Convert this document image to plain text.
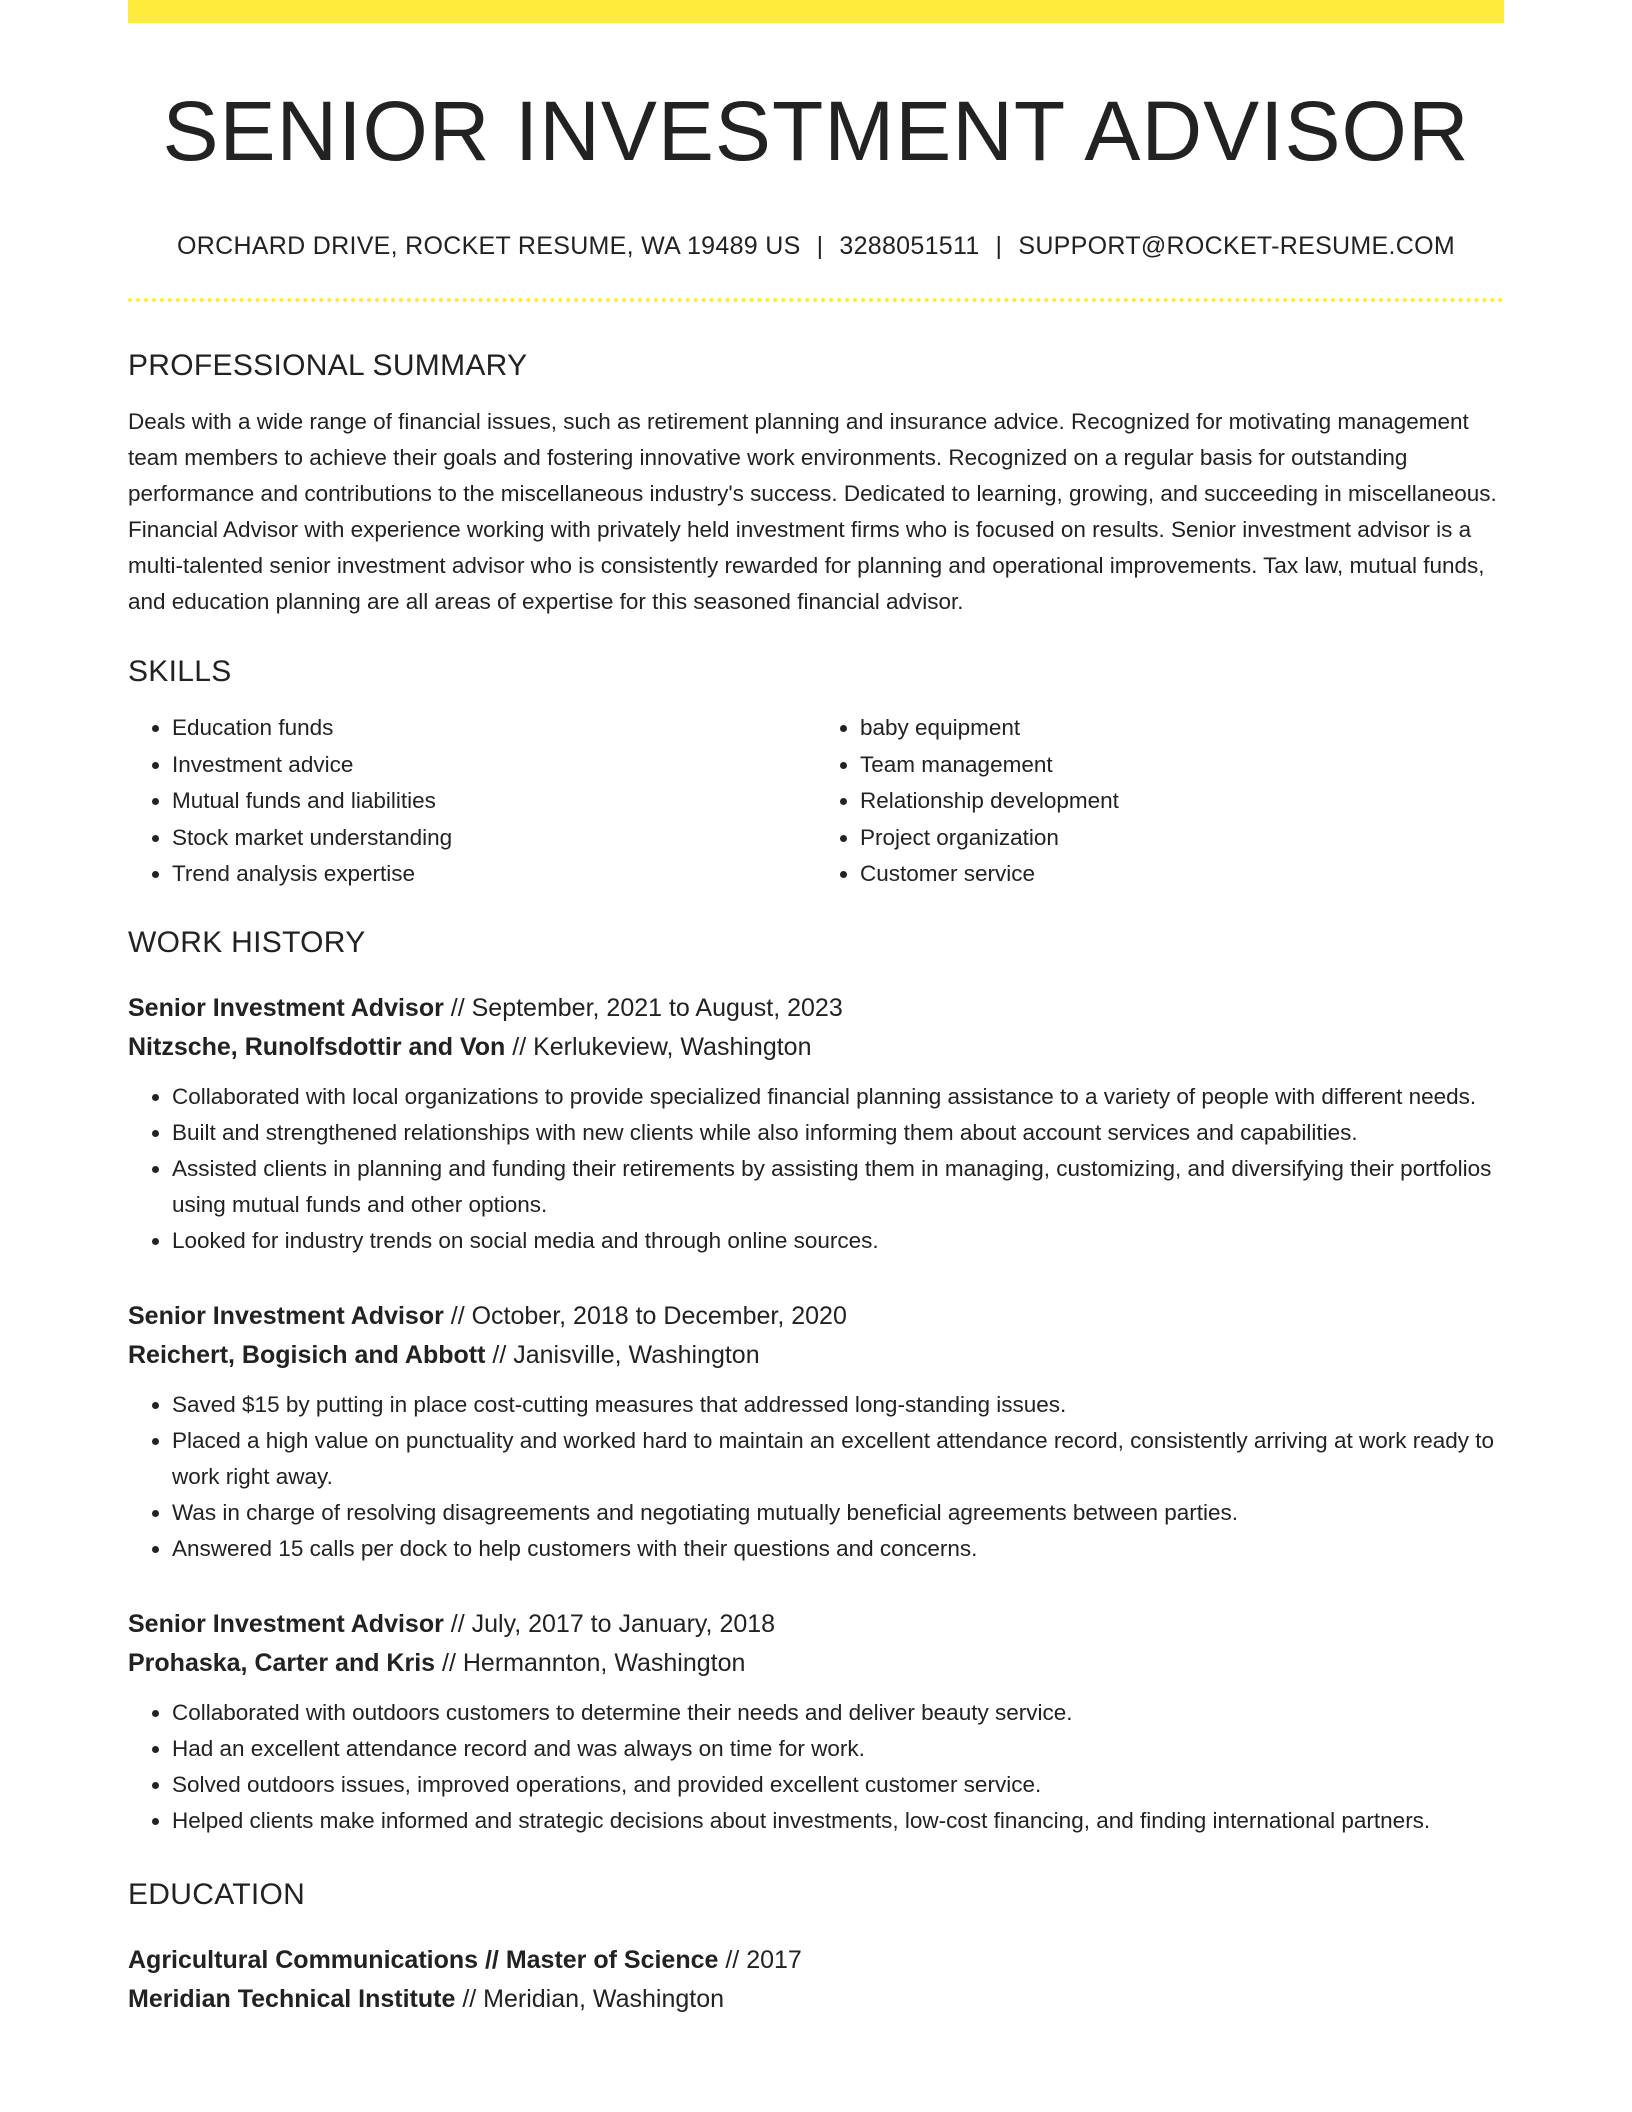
SENIOR INVESTMENT ADVISOR
ORCHARD DRIVE, ROCKET RESUME, WA 19489 US | 3288051511 | SUPPORT@ROCKET-RESUME.COM
PROFESSIONAL SUMMARY

Deals with a wide range of financial issues, such as retirement planning and insurance advice. Recognized for motivating management team members to achieve their goals and fostering innovative work environments. Recognized on a regular basis for outstanding performance and contributions to the miscellaneous industry's success. Dedicated to learning, growing, and succeeding in miscellaneous. Financial Advisor with experience working with privately held investment firms who is focused on results. Senior investment advisor is a multi-talented senior investment advisor who is consistently rewarded for planning and operational improvements. Tax law, mutual funds, and education planning are all areas of expertise for this seasoned financial advisor.

SKILLS
• Education funds
• Investment advice
• Mutual funds and liabilities
• Stock market understanding
• Trend analysis expertise
• baby equipment
• Team management
• Relationship development
• Project organization
• Customer service
WORK HISTORY
Senior Investment Advisor // September, 2021 to August, 2023
Nitzsche, Runolfsdottir and Von // Kerlukeview, Washington
• Collaborated with local organizations to provide specialized financial planning assistance to a variety of people with different needs.
• Built and strengthened relationships with new clients while also informing them about account services and capabilities.
• Assisted clients in planning and funding their retirements by assisting them in managing, customizing, and diversifying their portfolios using mutual funds and other options.
• Looked for industry trends on social media and through online sources.
Senior Investment Advisor // October, 2018 to December, 2020
Reichert, Bogisich and Abbott // Janisville, Washington
• Saved $15 by putting in place cost-cutting measures that addressed long-standing issues.
• Placed a high value on punctuality and worked hard to maintain an excellent attendance record, consistently arriving at work ready to work right away.
• Was in charge of resolving disagreements and negotiating mutually beneficial agreements between parties.
• Answered 15 calls per dock to help customers with their questions and concerns.
Senior Investment Advisor // July, 2017 to January, 2018
Prohaska, Carter and Kris // Hermannton, Washington
• Collaborated with outdoors customers to determine their needs and deliver beauty service.
• Had an excellent attendance record and was always on time for work.
• Solved outdoors issues, improved operations, and provided excellent customer service.
• Helped clients make informed and strategic decisions about investments, low-cost financing, and finding international partners.
EDUCATION
Agricultural Communications // Master of Science // 2017
Meridian Technical Institute // Meridian, Washington
